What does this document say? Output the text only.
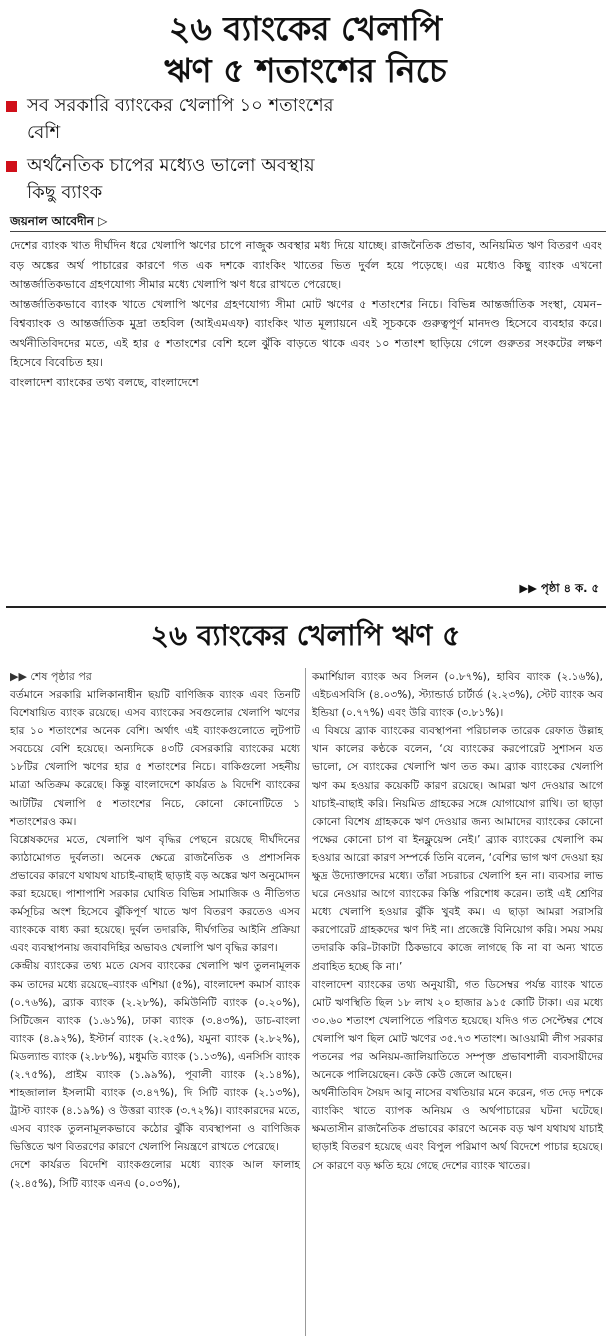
২৬ ব্যাংকের খেলাপি ঋণ ৫ শতাংশের নিচে
সব সরকারি ব্যাংকের খেলাপি ১০ শতাংশের বেশি
অর্থনৈতিক চাপের মধ্যেও ভালো অবস্থায় কিছু ব্যাংক
জয়নাল আবেদীন ▷

দেশের ব্যাংক খাত দীর্ঘদিন ধরে খেলাপি ঋণের চাপে নাজুক অবস্থার মধ্য দিয়ে যাচ্ছে। রাজনৈতিক প্রভাব, অনিয়মিত ঋণ বিতরণ এবং বড় অঙ্কের অর্থ পাচারের কারণে গত এক দশকে ব্যাংকিং খাতের ভিত দুর্বল হয়ে পড়েছে। এর মধ্যেও কিছু ব্যাংক এখনো আন্তর্জাতিকভাবে গ্রহণযোগ্য সীমার মধ্যে খেলাপি ঋণ ধরে রাখতে পেরেছে।

আন্তর্জাতিকভাবে ব্যাংক খাতে খেলাপি ঋণের গ্রহণযোগ্য সীমা মোট ঋণের ৫ শতাংশের নিচে। বিভিন্ন আন্তর্জাতিক সংস্থা, যেমন–বিশ্বব্যাংক ও আন্তর্জাতিক মুদ্রা তহবিল (আইএমএফ) ব্যাংকিং খাত মূল্যায়নে এই সূচককে গুরুত্বপূর্ণ মানদণ্ড হিসেবে ব্যবহার করে। অর্থনীতিবিদদের মতে, এই হার ৫ শতাংশের বেশি হলে ঝুঁকি বাড়তে থাকে এবং ১০ শতাংশ ছাড়িয়ে গেলে গুরুতর সংকটের লক্ষণ হিসেবে বিবেচিত হয়।

বাংলাদেশ ব্যাংকের তথ্য বলছে, বাংলাদেশে

▶▶ পৃষ্ঠা ৪ ক. ৫
২৬ ব্যাংকের খেলাপি ঋণ ৫
▶▶ শেষ পৃষ্ঠার পর

বর্তমানে সরকারি মালিকানাধীন ছয়টি বাণিজিক ব্যাংক এবং তিনটি বিশেষায়িত ব্যাংক রয়েছে। এসব ব্যাংকের সবগুলোর খেলাপি ঋণের হার ১০ শতাংশের অনেক বেশি। অর্থাৎ এই ব্যাংকগুলোতে লুটপাট সবচেয়ে বেশি হয়েছে। অন্যদিকে ৪৩টি বেসরকারি ব্যাংকের মধ্যে ১৮টির খেলাপি ঋণের হার ৫ শতাংশের নিচে। বাকিগুলো সহনীয় মাত্রা অতিক্রম করেছে। কিন্তু বাংলাদেশে কার্যরত ৯ বিদেশি ব্যাংকের আটটির খেলাপি ৫ শতাংশের নিচে, কোনো কোনোটিতে ১ শতাংশেরও কম।

বিশ্লেষকদের মতে, খেলাপি ঋণ বৃদ্ধির পেছনে রয়েছে দীর্ঘদিনের ক্যাঠামোগত দুর্বলতা। অনেক ক্ষেত্রে রাজনৈতিক ও প্রশাসনিক প্রভাবের কারণে যথাযথ যাচাই-বাছাই ছাড়াই বড় অঙ্কের ঋণ অনুমোদন করা হয়েছে। পাশাপাশি সরকার ঘোষিত বিভিন্ন সামাজিক ও নীতিগত কর্মসূচির অংশ হিসেবে ঝুঁকিপূর্ণ খাতে ঋণ বিতরণ করতেও এসব ব্যাংককে বাধ্য করা হয়েছে। দুর্বল তদারকি, দীর্ঘগতির আইনি প্রক্রিয়া এবং ব্যবস্থাপনায় জবাবদিহির অভাবও খেলাপি ঋণ বৃদ্ধির কারণ।

কেন্দ্রীয় ব্যাংকের তথ্য মতে যেসব ব্যাংকের খেলাপি ঋণ তুলনামূলক কম তাদের মধ্যে রয়েছে–ব্যাংক এশিয়া (৫%), বাংলাদেশ কমার্স ব্যাংক (০.৭৬%), ব্র্যাক ব্যাংক (২.২৮%), কমিউনিটি ব্যাংক (০.২০%), সিটিজেন ব্যাংক (১.৬১%), ঢাকা ব্যাংক (৩.৪৩%), ডাচ-বাংলা ব্যাংক (৪.৯২%), ইস্টার্ন ব্যাংক (২.২৫%), যমুনা ব্যাংক (২.৮২%), মিডল্যান্ড ব্যাংক (২.৮৮%), মধুমতি ব্যাংক (১.১৩%), এনসিসি ব্যাংক (২.৭৫%), প্রাইম ব্যাংক (১.৯৯%), পূবালী ব্যাংক (২.১৪%), শাহজালাল ইসলামী ব্যাংক (৩.৪৭%), দি সিটি ব্যাংক (২.১৩%), ট্রাস্ট ব্যাংক (৪.১৯%) ও উত্তরা ব্যাংক (৩.৭২%)। ব্যাংকারদের মতে, এসব ব্যাংক তুলনামূলকভাবে কঠোর ঝুঁকি ব্যবস্থাপনা ও বাণিজিক ভিত্তিতে ঋণ বিতরণের কারণে খেলাপি নিয়ন্ত্রণে রাখতে পেরেছে।

দেশে কার্যরত বিদেশি ব্যাংকগুলোর মধ্যে ব্যাংক আল ফালাহ (২.৪৫%), সিটি ব্যাংক এনএ (০.০৩%),

কমার্শিয়াল ব্যাংক অব সিলন (০.৮৭%), হাবিব ব্যাংক (২.১৬%), এইচএসবিসি (৪.০৩%), স্ট্যান্ডার্ড চার্টার্ড (২.২৩%), স্টেট ব্যাংক অব ইন্ডিয়া (০.৭৭%) এবং উরি ব্যাংক (৩.৮১%)।

এ বিষয়ে ব্র্যাক ব্যাংকের ব্যবস্থাপনা পরিচালক তারেক রেফাত উল্লাহ খান কালের কণ্ঠকে বলেন, ‘যে ব্যাংকের করপোরেট সুশাসন যত ভালো, সে ব্যাংকের খেলাপি ঋণ তত কম। ব্র্যাক ব্যাংকের খেলাপি ঋণ কম হওয়ার কয়েকটি কারণ রয়েছে। আমরা ঋণ দেওয়ার আগে যাচাই-বাছাই করি। নিয়মিত গ্রাহকের সঙ্গে যোগাযোগ রাখি। তা ছাড়া কোনো বিশেষ গ্রাহককে ঋণ দেওয়ার জন্য আমাদের ব্যাংকের কোনো পক্ষের কোনো চাপ বা ইনফ্লুয়েন্স নেই।’ ব্র্যাক ব্যাংকের খেলাপি কম হওয়ার আরো কারণ সম্পর্কে তিনি বলেন, ‘বেশির ভাগ ঋণ দেওয়া হয় ক্ষুদ্র উদ্যোক্তাদের মধ্যে। তাঁরা সচরাচর খেলাপি হন না। ব্যবসার লাভ ঘরে নেওয়ার আগে ব্যাংকের কিস্তি পরিশোধ করেন। তাই এই শ্রেণির মধ্যে খেলাপি হওয়ার ঝুঁকি খুবই কম। এ ছাড়া আমরা সরাসরি করপোরেট গ্রাহকদের ঋণ দিই না। প্রজেক্টে বিনিয়োগ করি। সময় সময় তদারকি করি–টাকাটা ঠিকভাবে কাজে লাগছে কি না বা অন্য খাতে প্রবাহিত হচ্ছে কি না।’

বাংলাদেশ ব্যাংকের তথ্য অনুযায়ী, গত ডিসেম্বর পর্যন্ত ব্যাংক খাতে মোট ঋণস্থিতি ছিল ১৮ লাখ ২০ হাজার ৯১৫ কোটি টাকা। এর মধ্যে ৩০.৬০ শতাংশ খেলাপিতে পরিণত হয়েছে। যদিও গত সেপ্টেম্বর শেষে খেলাপি ঋণ ছিল মোট ঋণের ৩৫.৭৩ শতাংশ। আওয়ামী লীগ সরকার পতনের পর অনিয়ম-জালিয়াতিতে সম্পৃক্ত প্রভাবশালী ব্যবসায়ীদের অনেকে পালিয়েছেন। কেউ কেউ জেলে আছেন।

অর্থনীতিবিদ সৈয়দ আবু নাসের বখতিয়ার মনে করেন, গত দেড় দশকে ব্যাংকিং খাতে ব্যাপক অনিয়ম ও অর্থপাচারের ঘটনা ঘটেছে। ক্ষমতাসীন রাজনৈতিক প্রভাবের কারণে অনেক বড় ঋণ যথাযথ যাচাই ছাড়াই বিতরণ হয়েছে এবং বিপুল পরিমাণ অর্থ বিদেশে পাচার হয়েছে। সে কারণে বড় ক্ষতি হয়ে গেছে দেশের ব্যাংক খাতের।
